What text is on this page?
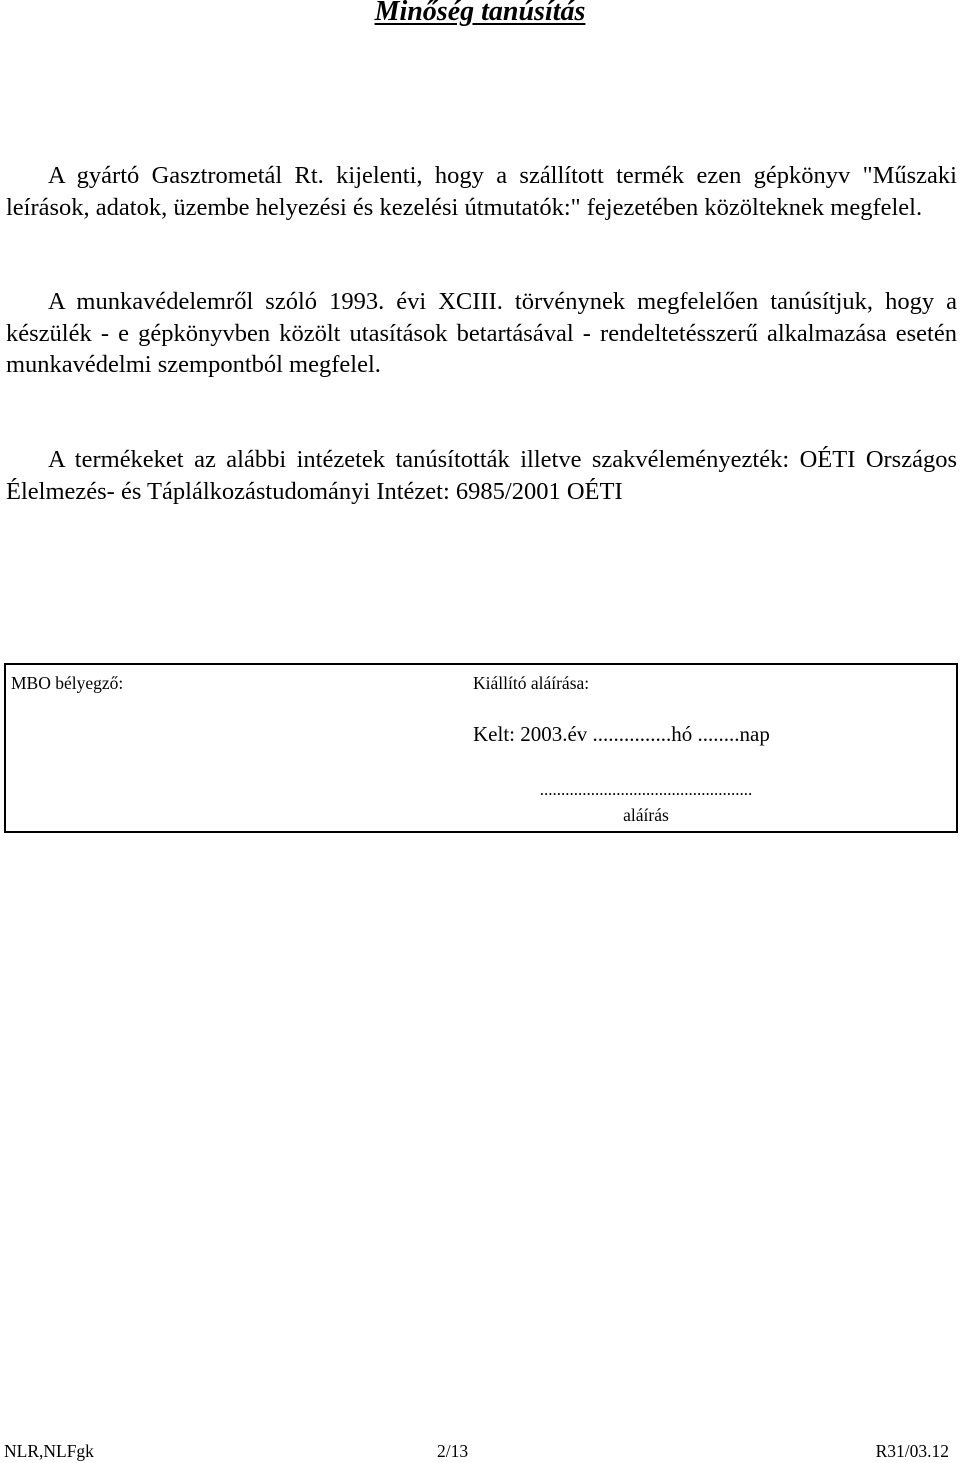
Minőség tanúsítás

A gyártó Gasztrometál Rt. kijelenti, hogy a szállított termék ezen gépkönyv "Műszaki leírások, adatok, üzembe helyezési és kezelési útmutatók:" fejezetében közölteknek megfelel.

A munkavédelemről szóló 1993. évi XCIII. törvénynek megfelelően tanúsítjuk, hogy a készülék - e gépkönyvben közölt utasítások betartásával - rendeltetésszerű alkalmazása esetén munkavédelmi szempontból megfelel.

A termékeket az alábbi intézetek tanúsították illetve szakvéleményezték: OÉTI Országos Élelmezés- és Táplálkozástudományi Intézet: 6985/2001 OÉTI

MBO bélyegző:	Kiállító aláírása:
Kelt: 2003.év ...............hó ........nap
..................................................
aláírás
NLR,NLFgk	2/13	R31/03.12
